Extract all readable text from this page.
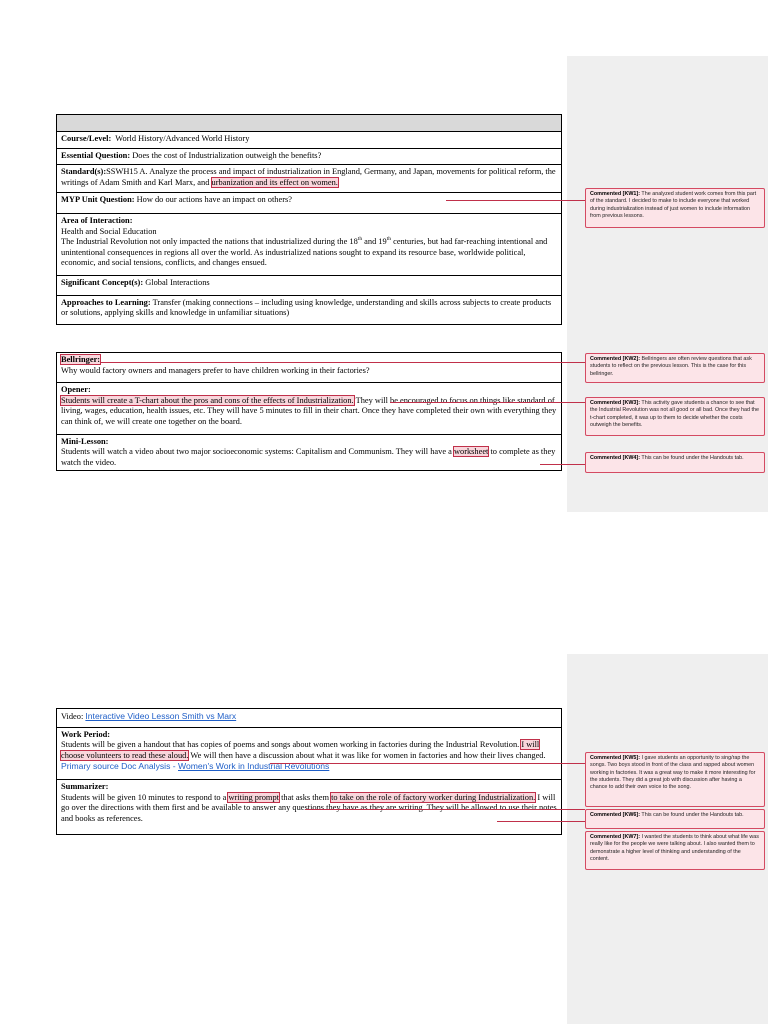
Course/Level: World History/Advanced World History
Essential Question: Does the cost of Industrialization outweigh the benefits?
Standard(s):SSWH15 A. Analyze the process and impact of industrialization in England, Germany, and Japan, movements for political reform, the writings of Adam Smith and Karl Marx, and urbanization and its effect on women.
MYP Unit Question: How do our actions have an impact on others?
Area of Interaction:
Health and Social Education
The Industrial Revolution not only impacted the nations that industrialized during the 18th and 19th centuries, but had far-reaching intentional and unintentional consequences in regions all over the world. As industrialized nations sought to expand its resource base, worldwide political, economic, and social tensions, conflicts, and changes ensued.
Significant Concept(s): Global Interactions
Approaches to Learning: Transfer (making connections – including using knowledge, understanding and skills across subjects to create products or solutions, applying skills and knowledge in unfamiliar situations)
Bellringer:
Why would factory owners and managers prefer to have children working in their factories?
Opener:
Students will create a T-chart about the pros and cons of the effects of Industrialization. They will be encouraged to focus on things like standard of living, wages, education, health issues, etc. They will have 5 minutes to fill in their chart. Once they have completed their own with everything they can think of, we will create one together on the board.
Mini-Lesson:
Students will watch a video about two major socioeconomic systems: Capitalism and Communism. They will have a worksheet to complete as they watch the video.
Commented [KW1]: The analyzed student work comes from this part of the standard. I decided to make to include everyone that worked during industrialization instead of just women to include information from previous lessons.
Commented [KW2]: Bellringers are often review questions that ask students to reflect on the previous lesson. This is the case for this bellringer.
Commented [KW3]: This activity gave students a chance to see that the Industrial Revolution was not all good or all bad. Once they had the t-chart completed, it was up to them to decide whether the costs outweigh the benefits.
Commented [KW4]: This can be found under the Handouts tab.
Video: Interactive Video Lesson Smith vs Marx
Work Period:
Students will be given a handout that has copies of poems and songs about women working in factories during the Industrial Revolution. I will choose volunteers to read these aloud. We will then have a discussion about what it was like for women in factories and how their lives changed.
Primary source Doc Analysis - Women's Work in Industrial Revolutions
Summarizer:
Students will be given 10 minutes to respond to a writing prompt that asks them to take on the role of factory worker during Industrialization. I will go over the directions with them first and be available to answer any questions they have as they are writing. They will be allowed to use their notes and books as references.
Commented [KW5]: I gave students an opportunity to sing/rap the songs. Two boys stood in front of the class and rapped about women working in factories. It was a great way to make it more interesting for the students. They did a great job with discussion after having a chance to add their own voice to the song.
Commented [KW6]: This can be found under the Handouts tab.
Commented [KW7]: I wanted the students to think about what life was really like for the people we were talking about. I also wanted them to demonstrate a higher level of thinking and understanding of the content.
